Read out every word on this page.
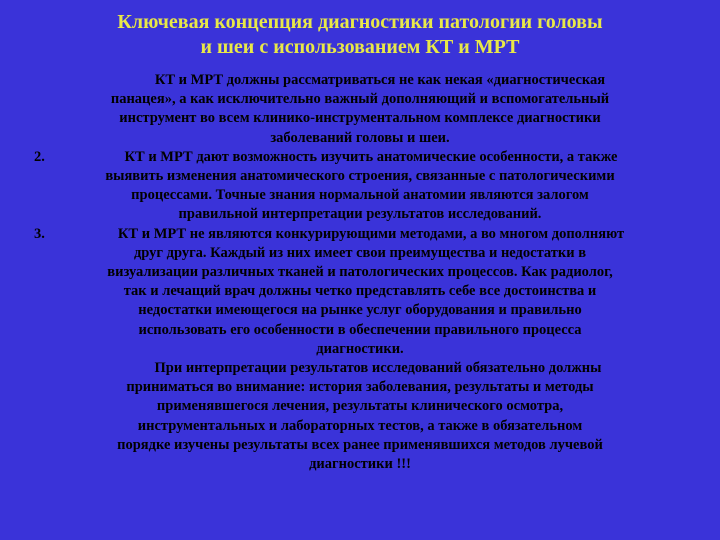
Ключевая концепция диагностики патологии головы
и шеи с использованием КТ и МРТ
КТ и МРТ должны рассматриваться не как некая «диагностическая
панацея», а как исключительно важный дополняющий и вспомогательный
инструмент во всем клинико-инструментальном комплексе диагностики
заболеваний головы и шеи.
2.	КТ и МРТ дают возможность изучить анатомические особенности, а также
выявить изменения анатомического строения, связанные с патологическими
процессами. Точные знания нормальной анатомии являются залогом
правильной интерпретации результатов исследований.
3.	КТ и МРТ не являются конкурирующими методами, а во многом дополняют
друг друга. Каждый из них имеет свои преимущества и недостатки в
визуализации различных тканей и патологических процессов. Как радиолог,
так и лечащий врач должны четко представлять себе все достоинства и
недостатки имеющегося на рынке услуг оборудования и правильно
использовать его особенности в обеспечении правильного процесса
диагностики.
При интерпретации результатов исследований обязательно должны
приниматься во внимание: история заболевания, результаты и методы
применявшегося лечения, результаты клинического осмотра,
инструментальных и лабораторных тестов, а также в обязательном
порядке изучены результаты всех ранее применявшихся методов лучевой
диагностики !!!
